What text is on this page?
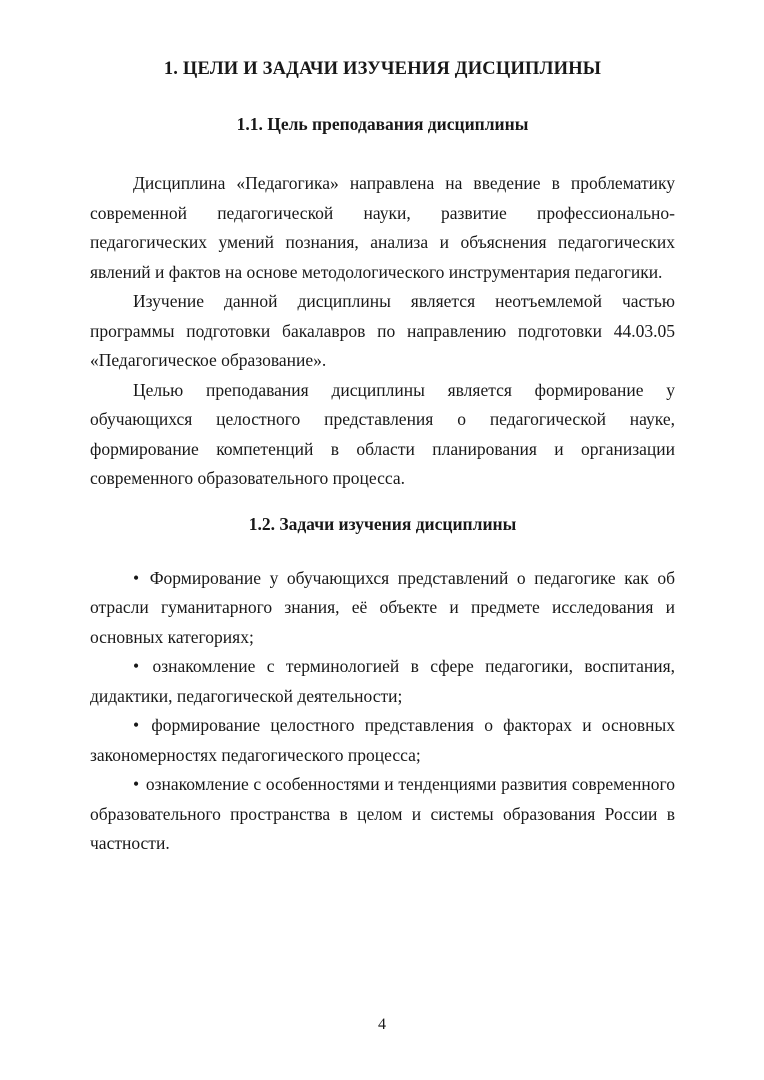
1. ЦЕЛИ И ЗАДАЧИ ИЗУЧЕНИЯ ДИСЦИПЛИНЫ
1.1. Цель преподавания дисциплины

Дисциплина «Педагогика» направлена на введение в проблематику современной педагогической науки, развитие профессионально-педагогических умений познания, анализа и объяснения педагогических явлений и фактов на основе методологического инструментария педагогики.

Изучение данной дисциплины является неотъемлемой частью программы подготовки бакалавров по направлению подготовки 44.03.05 «Педагогическое образование».

Целью преподавания дисциплины является формирование у обучающихся целостного представления о педагогической науке, формирование компетенций в области планирования и организации современного образовательного процесса.

1.2. Задачи изучения дисциплины

• Формирование у обучающихся представлений о педагогике как об отрасли гуманитарного знания, её объекте и предмете исследования и основных категориях;

• ознакомление с терминологией в сфере педагогики, воспитания, дидактики, педагогической деятельности;

• формирование целостного представления о факторах и основных закономерностях педагогического процесса;

• ознакомление с особенностями и тенденциями развития современного образовательного пространства в целом и системы образования России в частности.

4
